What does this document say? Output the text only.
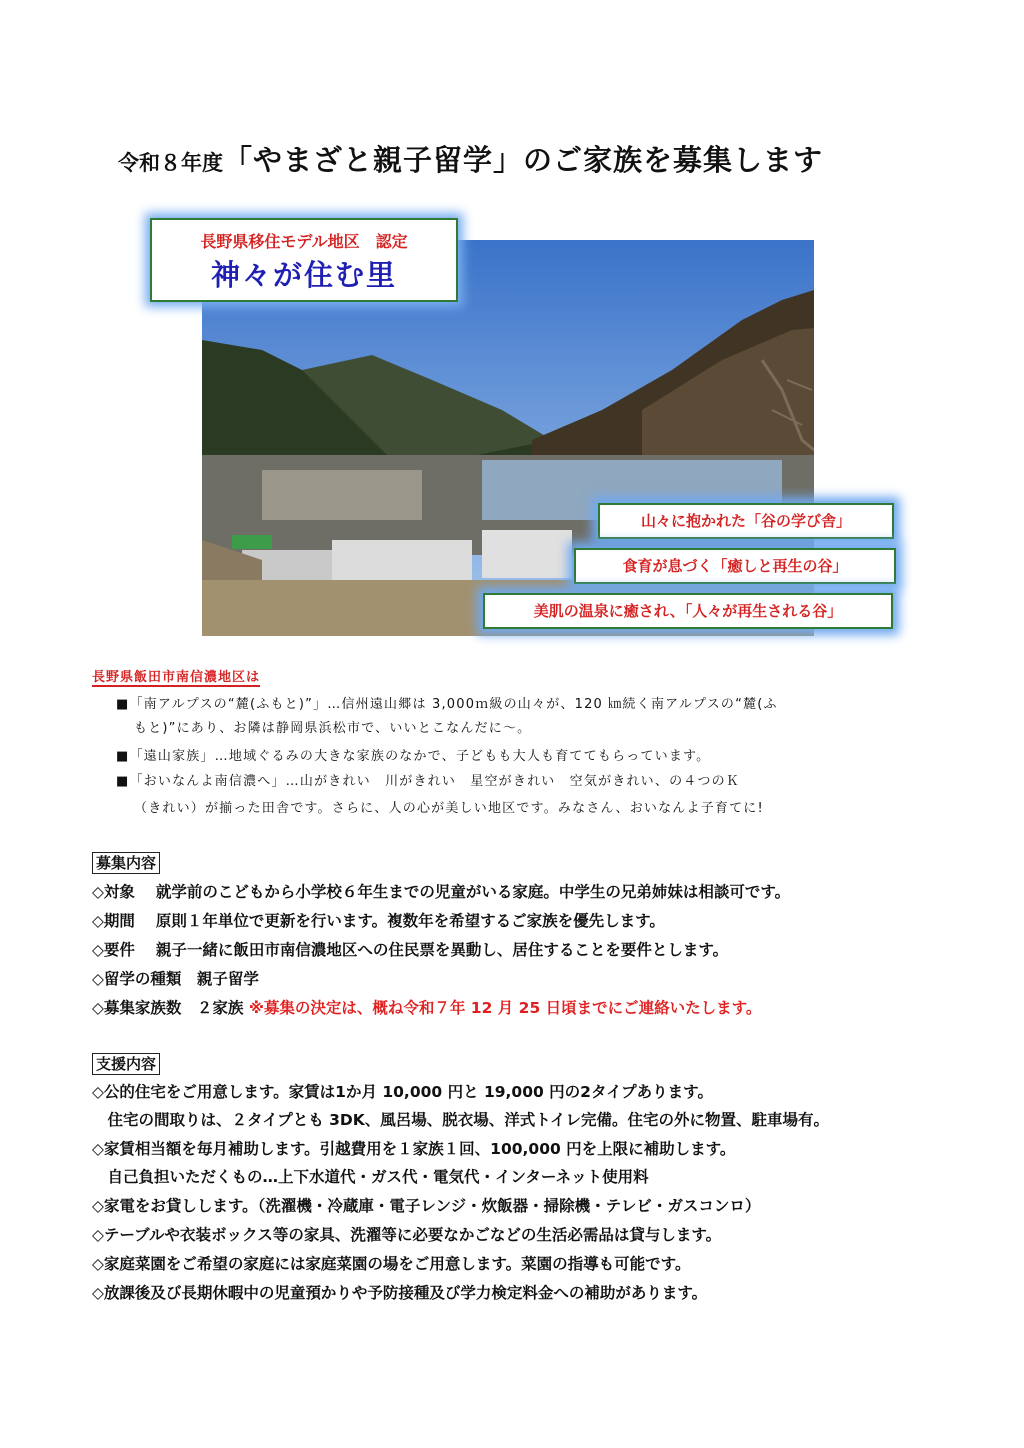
令和８年度「やまざと親子留学」のご家族を募集します
長野県移住モデル地区　認定
神々が住む里
山々に抱かれた「谷の学び舎」
食育が息づく「癒しと再生の谷」
美肌の温泉に癒され、「人々が再生される谷」
長野県飯田市南信濃地区は
■「南アルプスの“麓(ふもと)”」…信州遠山郷は 3,000ｍ級の山々が、120 ㎞続く南アルプスの“麓(ふ
もと)”にあり、お隣は静岡県浜松市で、いいとこなんだに～。
■「遠山家族」…地域ぐるみの大きな家族のなかで、子どもも大人も育ててもらっています。
■「おいなんよ南信濃へ」…山がきれい　川がきれい　星空がきれい　空気がきれい、の４つのＫ
（きれい）が揃った田舎です。さらに、人の心が美しい地区です。みなさん、おいなんよ子育てに!
募集内容
◇対象　 就学前のこどもから小学校６年生までの児童がいる家庭。中学生の兄弟姉妹は相談可です。
◇期間　 原則１年単位で更新を行います。複数年を希望するご家族を優先します。
◇要件　 親子一緒に飯田市南信濃地区への住民票を異動し、居住することを要件とします。
◇留学の種類　親子留学
◇募集家族数　２家族 ※募集の決定は、概ね令和７年 12 月 25 日頃までにご連絡いたします。
支援内容
◇公的住宅をご用意します。家賃は1か月 10,000 円と 19,000 円の2タイプあります。
　住宅の間取りは、２タイプとも 3DK、風呂場、脱衣場、洋式トイレ完備。住宅の外に物置、駐車場有。
◇家賃相当額を毎月補助します。引越費用を１家族１回、100,000 円を上限に補助します。
　自己負担いただくもの…上下水道代・ガス代・電気代・インターネット使用料
◇家電をお貸しします。（洗濯機・冷蔵庫・電子レンジ・炊飯器・掃除機・テレビ・ガスコンロ）
◇テーブルや衣装ボックス等の家具、洗濯等に必要なかごなどの生活必需品は貸与します。
◇家庭菜園をご希望の家庭には家庭菜園の場をご用意します。菜園の指導も可能です。
◇放課後及び長期休暇中の児童預かりや予防接種及び学力検定料金への補助があります。
